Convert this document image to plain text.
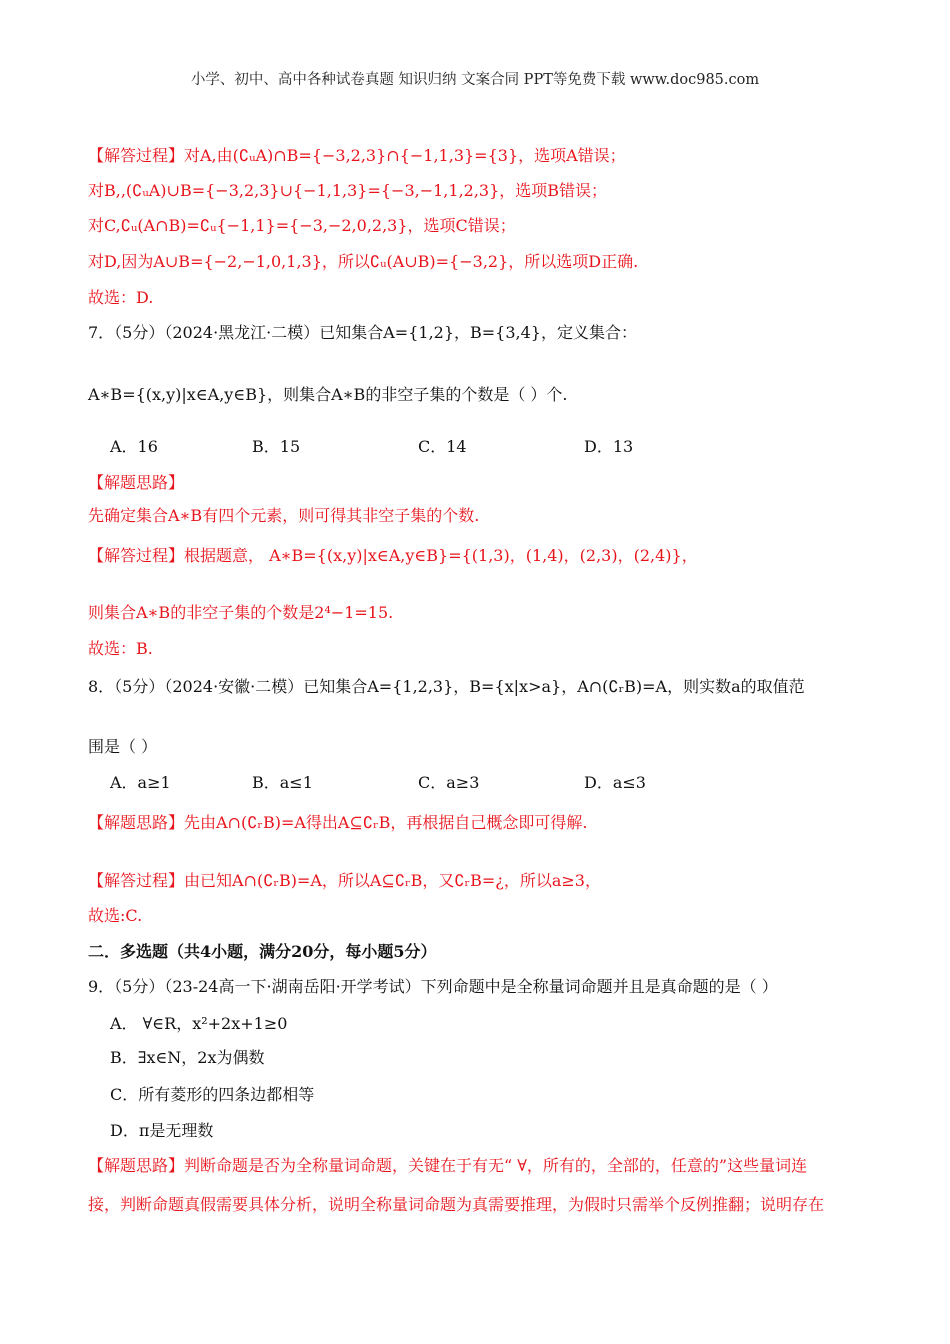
小学、初中、高中各种试卷真题 知识归纳 文案合同 PPT等免费下载 www.doc985.com
【解答过程】对A,由(∁ᵤA)∩B={−3,2,3}∩{−1,1,3}={3}，选项A错误；
对B,,(∁ᵤA)∪B={−3,2,3}∪{−1,1,3}={−3,−1,1,2,3}，选项B错误；
对C,∁ᵤ(A∩B)=∁ᵤ{−1,1}={−3,−2,0,2,3}，选项C错误；
对D,因为A∪B={−2,−1,0,1,3}，所以∁ᵤ(A∪B)={−3,2}，所以选项D正确.
故选：D.
7．（5分）（2024·黑龙江·二模）已知集合A={1,2}，B={3,4}，定义集合：
A∗B={(x,y)|x∈A,y∈B}，则集合A∗B的非空子集的个数是（ ）个.
A．16	B．15	C．14	D．13
【解题思路】
先确定集合A∗B有四个元素，则可得其非空子集的个数.
【解答过程】根据题意， A∗B={(x,y)|x∈A,y∈B}={(1,3)，(1,4)，(2,3)，(2,4)}，
则集合A∗B的非空子集的个数是2⁴−1=15.
故选：B.
8．（5分）（2024·安徽·二模）已知集合A={1,2,3}，B={x|x>a}，A∩(∁ᵣB)=A，则实数a的取值范
围是（ ）
A．a≥1	B．a≤1	C．a≥3	D．a≤3
【解题思路】先由A∩(∁ᵣB)=A得出A⊆∁ᵣB，再根据自己概念即可得解.
【解答过程】由已知A∩(∁ᵣB)=A，所以A⊆∁ᵣB，又∁ᵣB=¿，所以a≥3，
故选:C.
二．多选题（共4小题，满分20分，每小题5分）
9．（5分）（23-24高一下·湖南岳阳·开学考试）下列命题中是全称量词命题并且是真命题的是（ ）
A． ∀∈R，x²+2x+1≥0
B．∃x∈N，2x为偶数
C．所有菱形的四条边都相等
D．π是无理数
【解题思路】判断命题是否为全称量词命题，关键在于有无“ ∀，所有的，全部的，任意的”这些量词连
接，判断命题真假需要具体分析，说明全称量词命题为真需要推理，为假时只需举个反例推翻；说明存在
